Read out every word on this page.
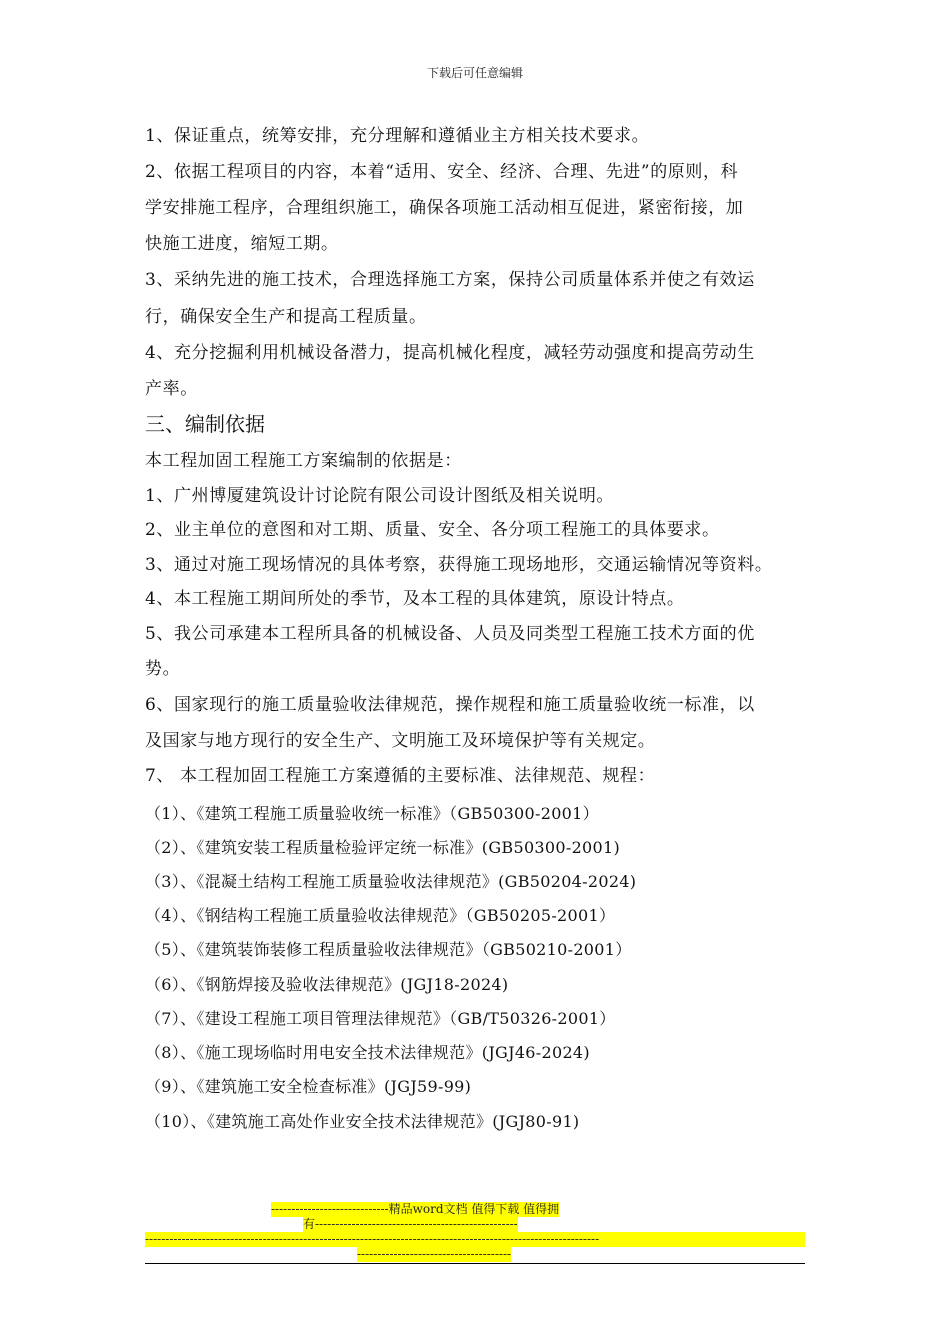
下载后可任意编辑
1、保证重点，统筹安排，充分理解和遵循业主方相关技术要求。
2、依据工程项目的内容，本着“适用、安全、经济、合理、先进”的原则，科
学安排施工程序，合理组织施工，确保各项施工活动相互促进，紧密衔接，加
快施工进度，缩短工期。
3、采纳先进的施工技术，合理选择施工方案，保持公司质量体系并使之有效运
行，确保安全生产和提高工程质量。
4、充分挖掘利用机械设备潜力，提高机械化程度，减轻劳动强度和提高劳动生
产率。
三、编制依据
本工程加固工程施工方案编制的依据是：
1、广州博厦建筑设计讨论院有限公司设计图纸及相关说明。
2、业主单位的意图和对工期、质量、安全、各分项工程施工的具体要求。
3、通过对施工现场情况的具体考察，获得施工现场地形，交通运输情况等资料。
4、本工程施工期间所处的季节，及本工程的具体建筑，原设计特点。
5、我公司承建本工程所具备的机械设备、人员及同类型工程施工技术方面的优
势。
6、国家现行的施工质量验收法律规范，操作规程和施工质量验收统一标准，以
及国家与地方现行的安全生产、文明施工及环境保护等有关规定。
7、 本工程加固工程施工方案遵循的主要标准、法律规范、规程：
（1）、《建筑工程施工质量验收统一标准》（GB50300-2001）
（2）、《建筑安装工程质量检验评定统一标准》(GB50300-2001)
（3）、《混凝土结构工程施工质量验收法律规范》(GB50204-2024)
（4）、《钢结构工程施工质量验收法律规范》（GB50205-2001）
（5）、《建筑装饰装修工程质量验收法律规范》（GB50210-2001）
（6）、《钢筋焊接及验收法律规范》(JGJ18-2024)
（7）、《建设工程施工项目管理法律规范》（GB/T50326-2001）
（8）、《施工现场临时用电安全技术法律规范》(JGJ46-2024)
（9）、《建筑施工安全检查标准》(JGJ59-99)
（10）、《建筑施工高处作业安全技术法律规范》(JGJ80-91)
-----------------------------精品word文档 值得下载 值得拥
有--------------------------------------------------
----------------------------------------------------------------------------------------------------------------
--------------------------------------
